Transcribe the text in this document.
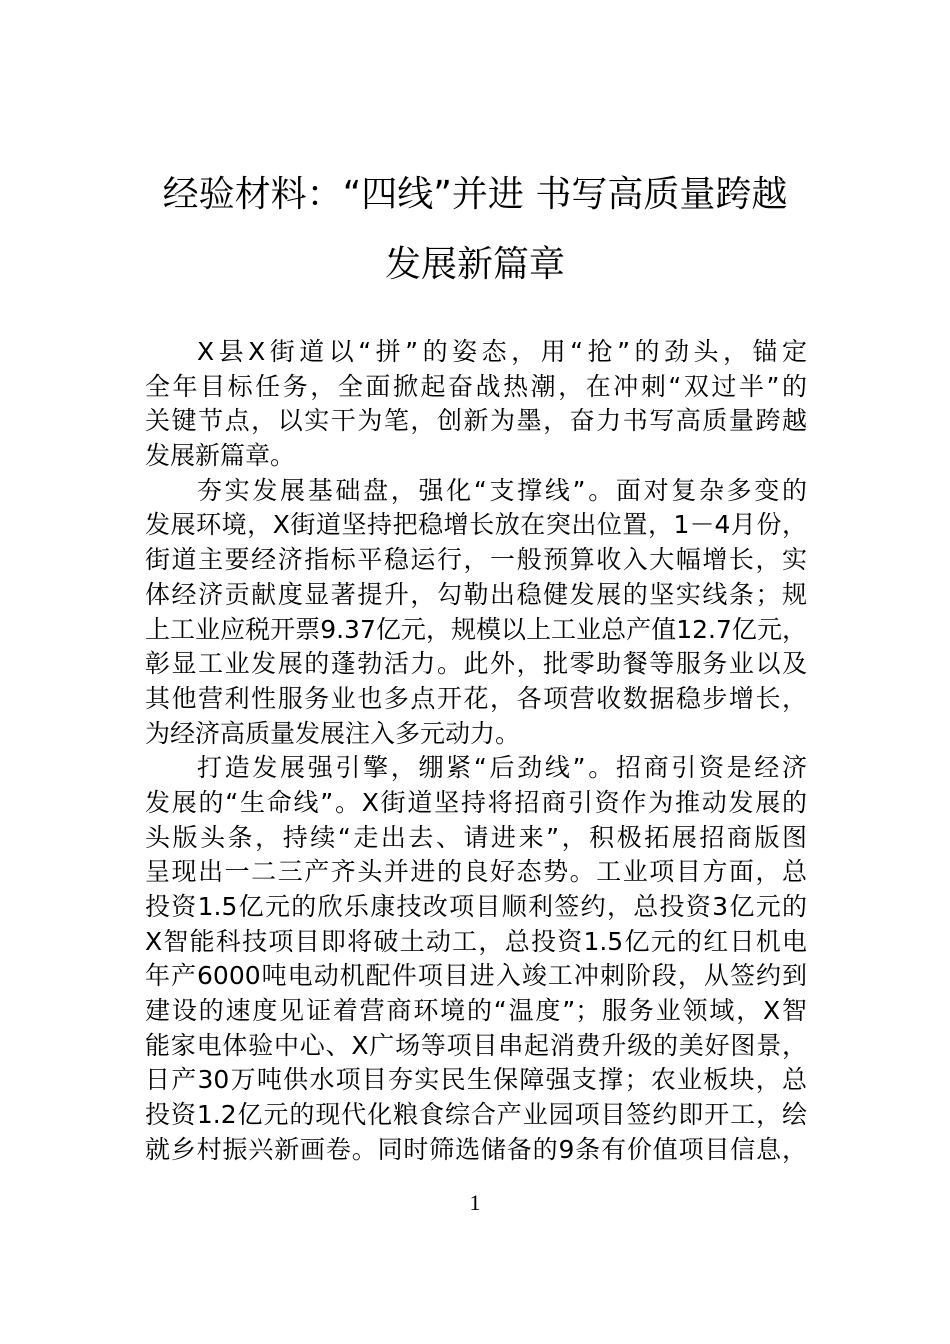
经验材料：“四线”并进 书写高质量跨越
发展新篇章
X县X街道以“拼”的姿态，用“抢”的劲头，锚定
全年目标任务，全面掀起奋战热潮，在冲刺“双过半”的
关键节点，以实干为笔，创新为墨，奋力书写高质量跨越
发展新篇章。
夯实发展基础盘，强化“支撑线”。面对复杂多变的
发展环境，X街道坚持把稳增长放在突出位置，1－4月份，
街道主要经济指标平稳运行，一般预算收入大幅增长，实
体经济贡献度显著提升，勾勒出稳健发展的坚实线条；规
上工业应税开票9.37亿元，规模以上工业总产值12.7亿元，
彰显工业发展的蓬勃活力。此外，批零助餐等服务业以及
其他营利性服务业也多点开花，各项营收数据稳步增长，
为经济高质量发展注入多元动力。
打造发展强引擎，绷紧“后劲线”。招商引资是经济
发展的“生命线”。X街道坚持将招商引资作为推动发展的
头版头条，持续“走出去、请进来”，积极拓展招商版图
呈现出一二三产齐头并进的良好态势。工业项目方面，总
投资1.5亿元的欣乐康技改项目顺利签约，总投资3亿元的
X智能科技项目即将破土动工，总投资1.5亿元的红日机电
年产6000吨电动机配件项目进入竣工冲刺阶段，从签约到
建设的速度见证着营商环境的“温度”；服务业领域，X智
能家电体验中心、X广场等项目串起消费升级的美好图景，
日产30万吨供水项目夯实民生保障强支撑；农业板块，总
投资1.2亿元的现代化粮食综合产业园项目签约即开工，绘
就乡村振兴新画卷。同时筛选储备的9条有价值项目信息，
1
